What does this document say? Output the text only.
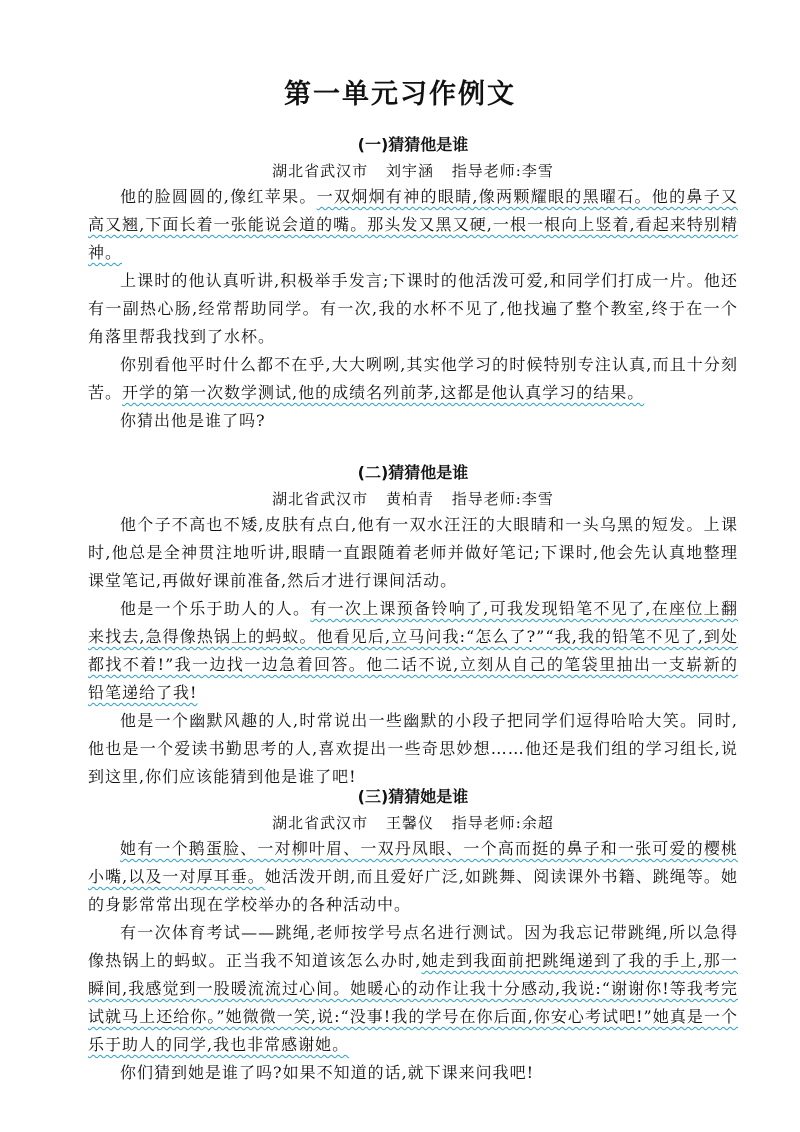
第一单元习作例文
(一)猜猜他是谁
湖北省武汉市 刘宇涵 指导老师:李雪

他的脸圆圆的,像红苹果。一双炯炯有神的眼睛,像两颗耀眼的黑曜石。他的鼻子又高又翘,下面长着一张能说会道的嘴。那头发又黑又硬,一根一根向上竖着,看起来特别精神。

上课时的他认真听讲,积极举手发言;下课时的他活泼可爱,和同学们打成一片。他还有一副热心肠,经常帮助同学。有一次,我的水杯不见了,他找遍了整个教室,终于在一个角落里帮我找到了水杯。

你别看他平时什么都不在乎,大大咧咧,其实他学习的时候特别专注认真,而且十分刻苦。开学的第一次数学测试,他的成绩名列前茅,这都是他认真学习的结果。

你猜出他是谁了吗?

(二)猜猜他是谁
湖北省武汉市 黄柏青 指导老师:李雪

他个子不高也不矮,皮肤有点白,他有一双水汪汪的大眼睛和一头乌黑的短发。上课时,他总是全神贯注地听讲,眼睛一直跟随着老师并做好笔记;下课时,他会先认真地整理课堂笔记,再做好课前准备,然后才进行课间活动。

他是一个乐于助人的人。有一次上课预备铃响了,可我发现铅笔不见了,在座位上翻来找去,急得像热锅上的蚂蚁。他看见后,立马问我:“怎么了?”“我,我的铅笔不见了,到处都找不着!”我一边找一边急着回答。他二话不说,立刻从自己的笔袋里抽出一支崭新的铅笔递给了我!

他是一个幽默风趣的人,时常说出一些幽默的小段子把同学们逗得哈哈大笑。同时,他也是一个爱读书勤思考的人,喜欢提出一些奇思妙想……他还是我们组的学习组长,说到这里,你们应该能猜到他是谁了吧!

(三)猜猜她是谁
湖北省武汉市 王馨仪 指导老师:余超

她有一个鹅蛋脸、一对柳叶眉、一双丹凤眼、一个高而挺的鼻子和一张可爱的樱桃小嘴,以及一对厚耳垂。她活泼开朗,而且爱好广泛,如跳舞、阅读课外书籍、跳绳等。她的身影常常出现在学校举办的各种活动中。

有一次体育考试——跳绳,老师按学号点名进行测试。因为我忘记带跳绳,所以急得像热锅上的蚂蚁。正当我不知道该怎么办时,她走到我面前把跳绳递到了我的手上,那一瞬间,我感觉到一股暖流流过心间。她暖心的动作让我十分感动,我说:“谢谢你!等我考完试就马上还给你。”她微微一笑,说:“没事!我的学号在你后面,你安心考试吧!”她真是一个乐于助人的同学,我也非常感谢她。

你们猜到她是谁了吗?如果不知道的话,就下课来问我吧!
